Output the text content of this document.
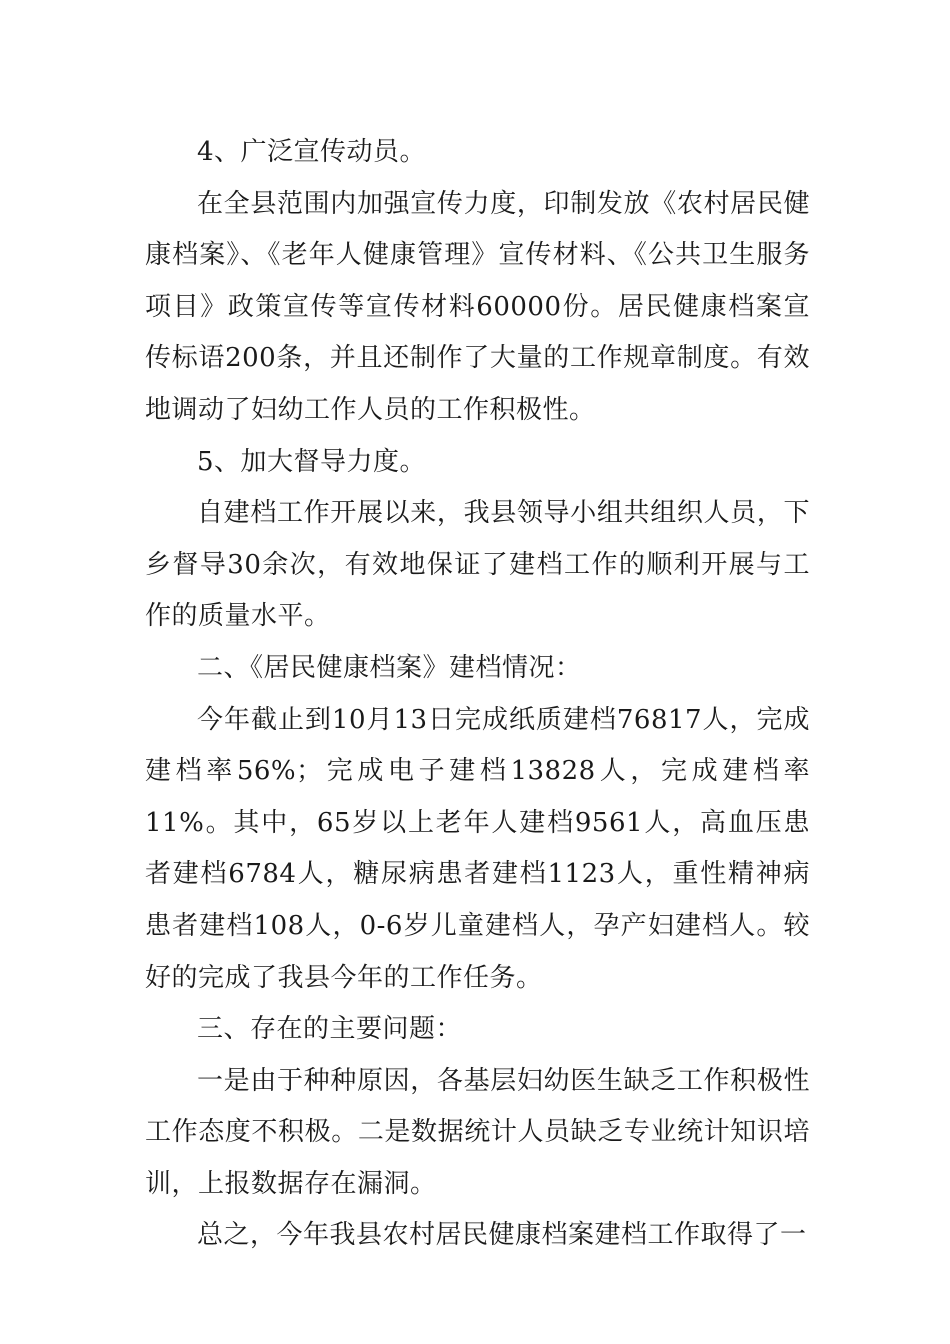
4、广泛宣传动员。

在全县范围内加强宣传力度，印制发放《农村居民健康档案》、《老年人健康管理》宣传材料、《公共卫生服务项目》政策宣传等宣传材料60000份。居民健康档案宣传标语200条，并且还制作了大量的工作规章制度。有效地调动了妇幼工作人员的工作积极性。

5、加大督导力度。

自建档工作开展以来，我县领导小组共组织人员，下乡督导30余次，有效地保证了建档工作的顺利开展与工作的质量水平。

二、《居民健康档案》建档情况：

今年截止到10月13日完成纸质建档76817人，完成建档率56%；完成电子建档13828人，完成建档率11%。其中，65岁以上老年人建档9561人，高血压患者建档6784人，糖尿病患者建档1123人，重性精神病患者建档108人，0-6岁儿童建档人，孕产妇建档人。较好的完成了我县今年的工作任务。

三、存在的主要问题：

一是由于种种原因，各基层妇幼医生缺乏工作积极性工作态度不积极。二是数据统计人员缺乏专业统计知识培训，上报数据存在漏洞。

总之，今年我县农村居民健康档案建档工作取得了一
